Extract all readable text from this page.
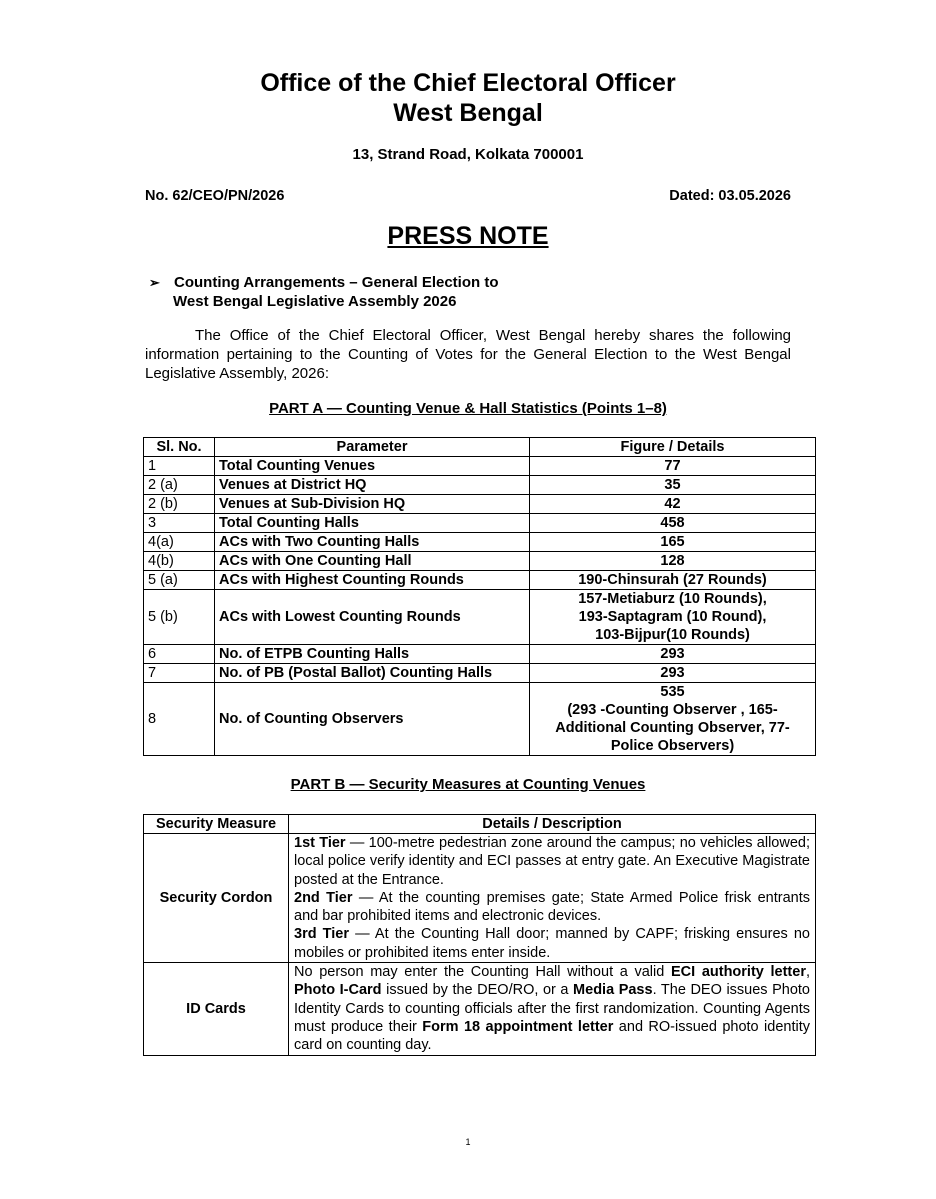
Office of the Chief Electoral Officer
West Bengal
13, Strand Road, Kolkata 700001
No. 62/CEO/PN/2026	Dated: 03.05.2026
PRESS NOTE
➢ Counting Arrangements – General Election to
West Bengal Legislative Assembly 2026

The Office of the Chief Electoral Officer, West Bengal hereby shares the following information pertaining to the Counting of Votes for the General Election to the West Bengal Legislative Assembly, 2026:

PART A — Counting Venue & Hall Statistics (Points 1–8)
Sl. No.	Parameter	Figure / Details
1	Total Counting Venues	77
2 (a)	Venues at District HQ	35
2 (b)	Venues at Sub-Division HQ	42
3	Total Counting Halls	458
4(a)	ACs with Two Counting Halls	165
4(b)	ACs with One Counting Hall	128
5 (a)	ACs with Highest Counting Rounds	190-Chinsurah (27 Rounds)
5 (b)	ACs with Lowest Counting Rounds	157-Metiaburz (10 Rounds),
193-Saptagram (10 Round),
103-Bijpur(10 Rounds)

6	No. of ETPB Counting Halls	293
7	No. of PB (Postal Ballot) Counting Halls	293
8	No. of Counting Observers	535
(293 -Counting Observer , 165-
Additional Counting Observer, 77-
Police Observers)
PART B — Security Measures at Counting Venues
Security Measure	Details / Description
Security Cordon	1st Tier — 100-metre pedestrian zone around the campus; no vehicles allowed; local police verify identity and ECI passes at entry gate. An Executive Magistrate posted at the Entrance.
2nd Tier — At the counting premises gate; State Armed Police frisk entrants and bar prohibited items and electronic devices.
3rd Tier — At the Counting Hall door; manned by CAPF; frisking ensures no mobiles or prohibited items enter inside.

ID Cards	No person may enter the Counting Hall without a valid ECI authority letter, Photo I-Card issued by the DEO/RO, or a Media Pass. The DEO issues Photo Identity Cards to counting officials after the first randomization. Counting Agents must produce their Form 18 appointment letter and RO-issued photo identity card on counting day.
1
